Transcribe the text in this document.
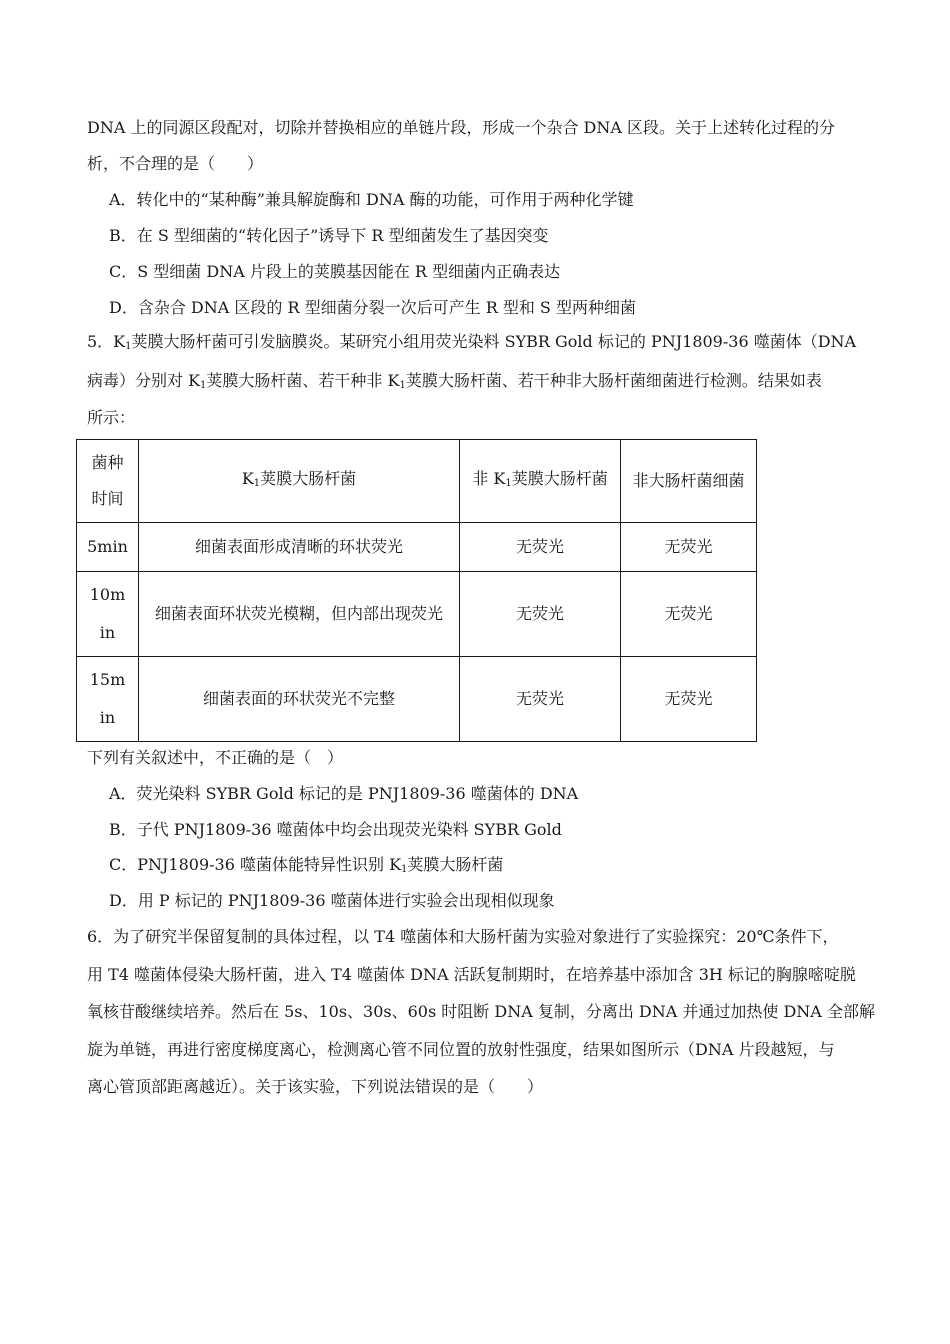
DNA 上的同源区段配对，切除并替换相应的单链片段，形成一个杂合 DNA 区段。关于上述转化过程的分
析，不合理的是（　　）
A．转化中的“某种酶”兼具解旋酶和 DNA 酶的功能，可作用于两种化学键
B．在 S 型细菌的“转化因子”诱导下 R 型细菌发生了基因突变
C．S 型细菌 DNA 片段上的荚膜基因能在 R 型细菌内正确表达
D．含杂合 DNA 区段的 R 型细菌分裂一次后可产生 R 型和 S 型两种细菌
5．$K_1$荚膜大肠杆菌可引发脑膜炎。某研究小组用荧光染料 SYBR Gold 标记的 PNJ1809-36 噬菌体（DNA
病毒）分别对 $K_1$荚膜大肠杆菌、若干种非 $K_1$荚膜大肠杆菌、若干种非大肠杆菌细菌进行检测。结果如表
所示：
菌种
时间	$K_1$荚膜大肠杆菌	非 $K_1$荚膜大肠杆菌	非大肠杆菌细菌
5min	细菌表面形成清晰的环状荧光	无荧光	无荧光
10min	细菌表面环状荧光模糊，但内部出现荧光	无荧光	无荧光
15min	细菌表面的环状荧光不完整	无荧光	无荧光
下列有关叙述中，不正确的是（　）
A．荧光染料 SYBR Gold 标记的是 PNJ1809-36 噬菌体的 DNA
B．子代 PNJ1809-36 噬菌体中均会出现荧光染料 SYBR Gold
C．PNJ1809-36 噬菌体能特异性识别 $K_1$荚膜大肠杆菌
D．用 P 标记的 PNJ1809-36 噬菌体进行实验会出现相似现象
6．为了研究半保留复制的具体过程，以 T4 噬菌体和大肠杆菌为实验对象进行了实验探究：20℃条件下，
用 T4 噬菌体侵染大肠杆菌，进入 T4 噬菌体 DNA 活跃复制期时，在培养基中添加含 3H 标记的胸腺嘧啶脱
氧核苷酸继续培养。然后在 5s、10s、30s、60s 时阻断 DNA 复制，分离出 DNA 并通过加热使 DNA 全部解
旋为单链，再进行密度梯度离心，检测离心管不同位置的放射性强度，结果如图所示（DNA 片段越短，与
离心管顶部距离越近）。关于该实验，下列说法错误的是（　　）
